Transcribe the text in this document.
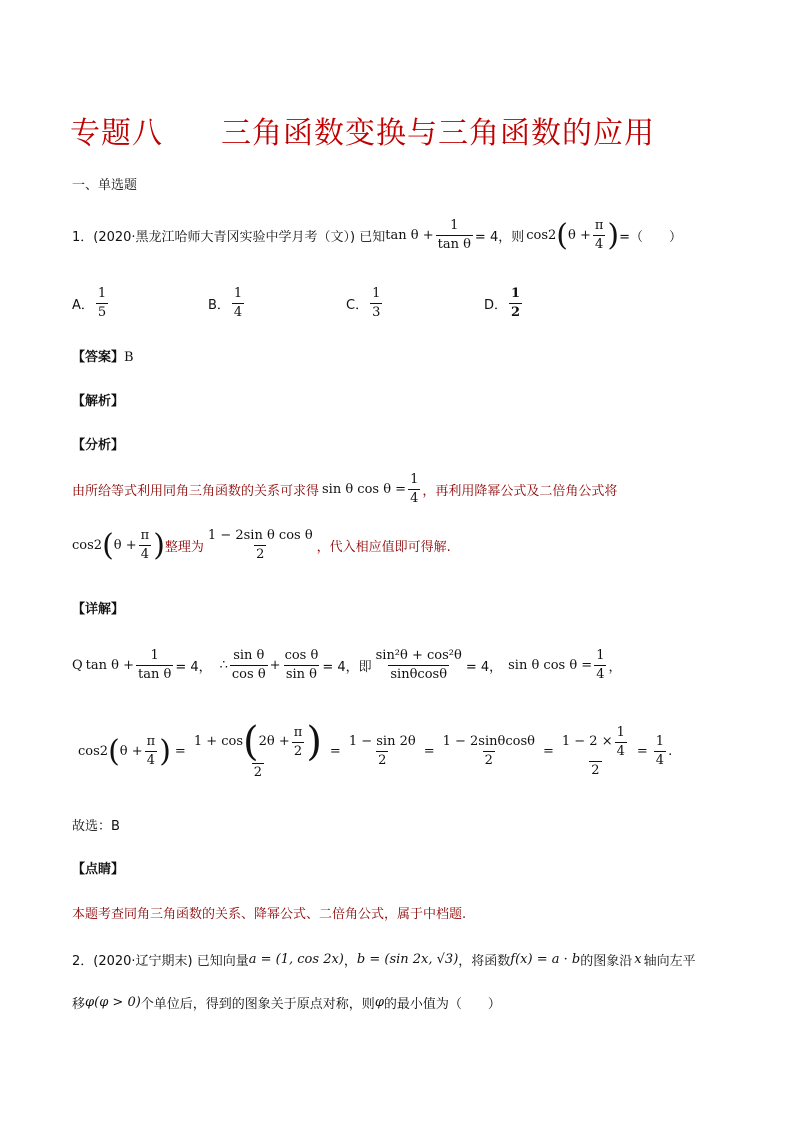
专题八 三角函数变换与三角函数的应用
一、单选题
1．(2020·黑龙江哈师大青冈实验中学月考（文）) 已知 $\tan \theta + \frac{1}{\text{tan θ}} = 4$，则 cos 2 ( $\theta + \frac{\pi}{4}$ ) =（　　）
A． $\frac{1}{5}$	B． $\frac{1}{4}$	C． $\frac{1}{3}$	D． $\frac{1}{2}$
【答案】B
【解析】
【分析】
由所给等式利用同角三角函数的关系可求得 sin θ $\cos \theta = \frac{1}{4}$ ，再利用降幂公式及二倍角公式将
cos 2 ( $\theta + \frac{\pi}{4}$ ) 整理为 $\frac{\text{1 − 2sin θ cos θ}}{2}$ ，代入相应值即可得解.
【详解】
Q $\tan \theta + \frac{1}{\text{tan θ}} = 4$， ∴ $\frac{\text{sin θ}}{\text{cos θ}} + \frac{\text{cos θ}}{\text{sin θ}} = 4$，即 $\frac{\text{sin²θ + cos²θ}}{\sin\theta\cos\theta} = 4$， sin θ $\cos \theta = \frac{1}{4}$ ，
cos 2 ( $\theta + \frac{\pi}{4}$ ) = $\frac{1 + \cos ( 2\theta + \frac{\pi}{2} )}{2} = \frac{1 - \sin 2\theta}{2} = \frac{1 - 2\sin\theta\cos\theta}{2} = \frac{1 - 2 \times \frac{1}{4}}{2} = \frac{1}{4}$ .
故选：B
【点睛】
本题考查同角三角函数的关系、降幂公式、二倍角公式，属于中档题.
2．(2020·辽宁期末) 已知向量 a = (1, cos 2x) ， b = (sin 2x, √3) ，将函数 f(x) = a · b 的图象沿 x 轴向左平
移 φ(φ > 0) 个单位后，得到的图象关于原点对称，则 φ 的最小值为（　　）
